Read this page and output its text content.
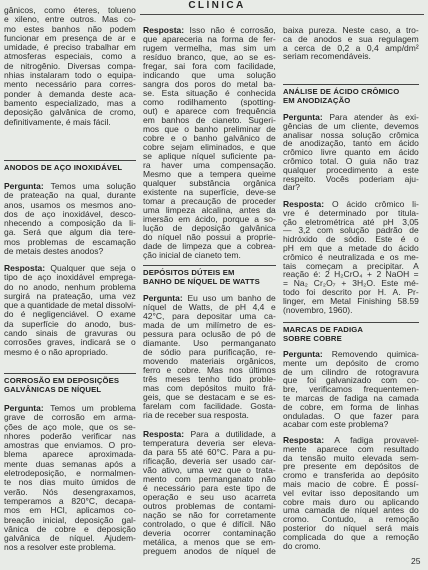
CLÍNICA
gânicos, como éteres, tolueno
e xileno, entre outros. Mas co-
mo estes banhos não podem
funcionar em presença de ar e
umidade, é preciso trabalhar em
atmosferas especiais, como a
de nitrogênio. Diversas compa-
nhias instalaram todo o equipa-
mento necessário para corres-
ponder à demanda deste aca-
bamento especializado, mas a
deposição galvânica de cromo,
definitivamente, é mais fácil.
ANODOS DE AÇO INOXIDÁVEL
Pergunta: Temos uma solução
de prateação na qual, durante
anos, usamos os mesmos ano-
dos de aço inoxidável, desco-
nhecendo a composição da li-
ga. Será que algum dia tere-
mos problemas de escamação
de metais destes anodos?
Resposta: Qualquer que seja o
tipo de aço inoxidável emprega-
do no anodo, nenhum problema
surgirá na prateação, uma vez
que a quantidade de metal dissolvi-
do é negligenciável. O exame
da superfície do anodo, bus-
cando sinais de gravuras ou
corrosões graves, indicará se o
mesmo é o não apropriado.
CORROSÃO EM DEPOSIÇÕES
GALVÂNICAS DE NÍQUEL
Pergunta: Temos um problema
grave de corrosão em arma-
ções de aço mole, que os se-
nhores poderão verificar nas
amostras que enviamos. O pro-
blema aparece aproximada-
mente duas semanas após a
eletrodeposição, e normalmen-
te nos dias muito úmidos de
verão. Nós desengraxamos,
temperamos a 820°C, decapa-
mos em HCl, aplicamos co-
breação inicial, deposição gal-
vânica de cobre e deposição
galvânica de níquel. Ajudem-
nos a resolver este problema.
Resposta: Isso não é corrosão,
que apareceria na forma de fer-
rugem vermelha, mas sim um
resíduo branco, que, ao se es-
fregar, sai fora com facilidade,
indicando que uma solução
sangra dos poros do metal ba-
se. Esta situação é conhecida
como rodilhamento (spotting-
out) e aparece com frequência
em banhos de cianeto. Sugeri-
mos que o banho preliminar de
cobre e o banho galvânico de
cobre sejam eliminados, e que
se aplique níquel suficiente pa-
ra haver uma compensação.
Mesmo que a tempera queime
qualquer substância orgânica
existente na superfície, deve-se
tomar a precaução de proceder
uma limpeza alcalina, antes da
imersão em ácido, porque a so-
lução de deposição galvânica
do níquel não possui a proprie-
dade de limpeza que a cobrea-
ção inicial de cianeto tem.
DEPÓSITOS DÚTEIS EM
BANHO DE NÍQUEL DE WATTS
Pergunta: Eu uso um banho de
níquel de Watts, de pH 4,4 e
42°C, para depositar uma ca-
mada de um milímetro de es-
pessura para oclusão de pó de
diamante. Uso permanganato
de sódio para purificação, re-
movendo materiais orgânicos,
ferro e cobre. Mas nos últimos
três meses tenho tido proble-
mas com depósitos muito frá-
geis, que se destacam e se es-
farelam com facilidade. Gosta-
ria de receber sua resposta.
Resposta: Para a dutilidade, a
temperatura deveria ser eleva-
da para 55 até 60°C. Para a pu-
rificação, deveria ser usado car-
vão ativo, uma vez que o trata-
mento com permanganato não
é necessário para este tipo de
operação e seu uso acarreta
outros problemas de contami-
nação se não for corretamente
controlado, o que é difícil. Não
deveria ocorrer contaminação
metálica, a menos que se em-
preguem anodos de níquel de
baixa pureza. Neste caso, a tro-
ca de anodos e sua regulagem
a cerca de 0,2 a 0,4 amp/dm²
seriam recomendáveis.
ANÁLISE DE ÁCIDO CRÔMICO
EM ANODIZAÇÃO
Pergunta: Para atender às exi-
gências de um cliente, devemos
analisar nossa solução crômica
de anodização, tanto em ácido
crômico livre quanto em ácido
crômico total. O guia não traz
qualquer procedimento a este
respeito. Vocês poderiam aju-
dar?
Resposta: O ácido crômico li-
vre é determinado por titula-
ção eletrométrica até pH 3,05
— 3,2 com solução padrão de
hidróxido de sódio. Este é o
pH em que a metade do ácido
crômico é neutralizada e os me-
tais começam a precipitar. A
reação é: 2 H₂CrO₄ + 2 NaOH =
= Na₂ Cr₂O₇ + 3H₂O. Este mé-
todo foi descrito por H. A. Pr-
linger, em Metal Finishing 58.59
(novembro, 1960).
MARCAS DE FADIGA
SOBRE COBRE
Pergunta: Removendo quimica-
mente um depósito de cromo
de um cilindro de rotogravura
que foi galvanizado com co-
bre, verificamos frequentemen-
te marcas de fadiga na camada
de cobre, em forma de linhas
onduladas. O que fazer para
acabar com este problema?
Resposta: A fadiga provavel-
mente aparece com resultado
da tensão muito elevada sem-
pre presente em depósitos de
cromo e transferida ao depósito
mais macio de cobre. É possí-
vel evitar isso depositando um
cobre mais duro ou aplicando
uma camada de níquel antes do
cromo. Contudo, a remoção
posterior do níquel será mais
complicada do que a remoção
do cromo.
25
